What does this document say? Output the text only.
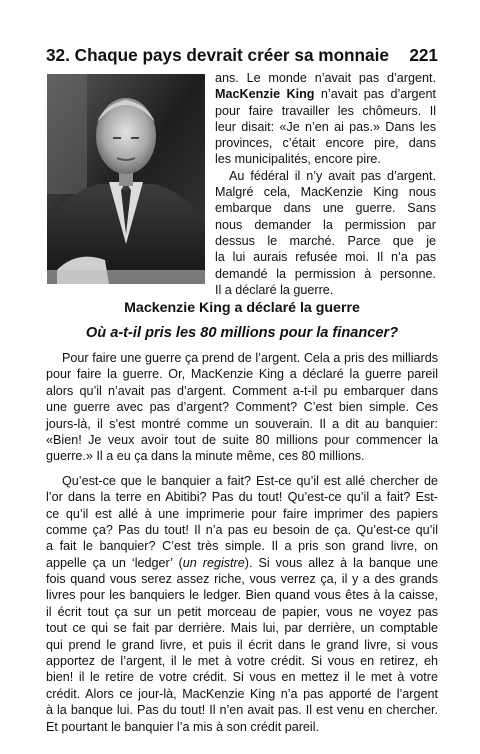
32. Chaque pays devrait créer sa monnaie 221
ans. Le monde n’avait pas d’argent.
MacKenzie King n’avait pas d’argent
pour faire travailler les chômeurs. Il
leur disait: «Je n’en ai pas.» Dans les
provinces, c’était encore pire, dans
les municipalités, encore pire.
Au fédéral il n’y avait pas d’argent.
Malgré cela, MacKenzie King nous
embarque dans une guerre. Sans
nous demander la permission par
dessus le marché. Parce que je
la lui aurais refusée moi. Il n’a pas
demandé la permission à personne.
Il a déclaré la guerre.
Mackenzie King a déclaré la guerre
Où a-t-il pris les 80 millions pour la financer?
Pour faire une guerre ça prend de l’argent. Cela a pris des milliards
pour faire la guerre. Or, MacKenzie King a déclaré la guerre pareil
alors qu’il n’avait pas d’argent. Comment a-t-il pu embarquer dans
une guerre avec pas d’argent? Comment? C’est bien simple. Ces
jours-là, il s’est montré comme un souverain. Il a dit au banquier:
«Bien! Je veux avoir tout de suite 80 millions pour commencer la
guerre.» Il a eu ça dans la minute même, ces 80 millions.
Qu’est-ce que le banquier a fait? Est-ce qu’il est allé chercher de
l’or dans la terre en Abitibi? Pas du tout! Qu’est-ce qu’il a fait? Est-
ce qu’il est allé à une imprimerie pour faire imprimer des papiers
comme ça? Pas du tout! Il n’a pas eu besoin de ça. Qu’est-ce qu’il
a fait le banquier? C’est très simple. Il a pris son grand livre, on
appelle ça un ‘ledger’ (un registre). Si vous allez à la banque une
fois quand vous serez assez riche, vous verrez ça, il y a des grands
livres pour les banquiers le ledger. Bien quand vous êtes à la caisse,
il écrit tout ça sur un petit morceau de papier, vous ne voyez pas
tout ce qui se fait par derrière. Mais lui, par derrière, un comptable
qui prend le grand livre, et puis il écrit dans le grand livre, si vous
apportez de l’argent, il le met à votre crédit. Si vous en retirez, eh
bien! il le retire de votre crédit. Si vous en mettez il le met à votre
crédit. Alors ce jour-là, MacKenzie King n’a pas apporté de l’argent
à la banque lui. Pas du tout! Il n’en avait pas. Il est venu en chercher.
Et pourtant le banquier l’a mis à son crédit pareil.
